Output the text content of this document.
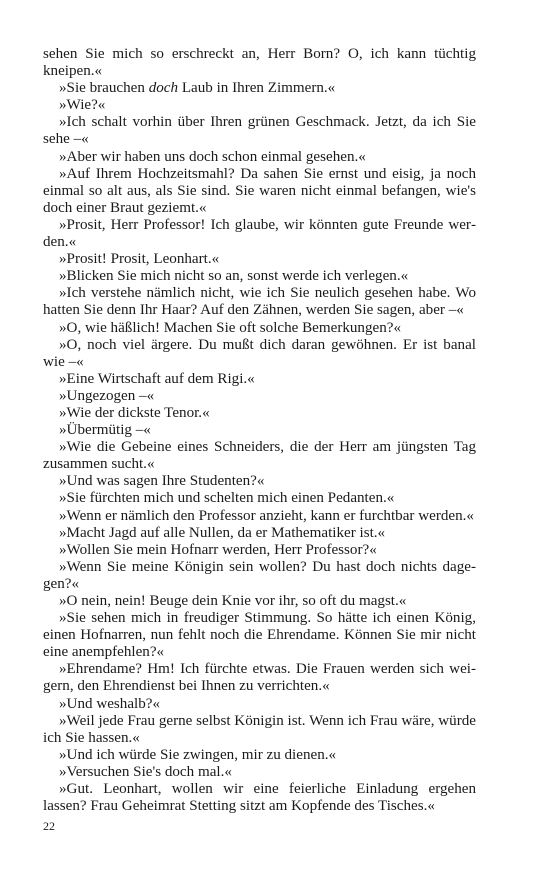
sehen Sie mich so erschreckt an, Herr Born? O, ich kann tüchtig kneipen.«

»Sie brauchen doch Laub in Ihren Zimmern.«

»Wie?«

»Ich schalt vorhin über Ihren grünen Geschmack. Jetzt, da ich Sie sehe –«

»Aber wir haben uns doch schon einmal gesehen.«

»Auf Ihrem Hochzeitsmahl? Da sahen Sie ernst und eisig, ja noch einmal so alt aus, als Sie sind. Sie waren nicht einmal befangen, wie's doch einer Braut geziemt.«

»Prosit, Herr Professor! Ich glaube, wir könnten gute Freunde werden.«

»Prosit! Prosit, Leonhart.«

»Blicken Sie mich nicht so an, sonst werde ich verlegen.«

»Ich verstehe nämlich nicht, wie ich Sie neulich gesehen habe. Wo hatten Sie denn Ihr Haar? Auf den Zähnen, werden Sie sagen, aber –«

»O, wie häßlich! Machen Sie oft solche Bemerkungen?«

»O, noch viel ärgere. Du mußt dich daran gewöhnen. Er ist banal wie –«

»Eine Wirtschaft auf dem Rigi.«

»Ungezogen –«

»Wie der dickste Tenor.«

»Übermütig –«

»Wie die Gebeine eines Schneiders, die der Herr am jüngsten Tag zusammen sucht.«

»Und was sagen Ihre Studenten?«

»Sie fürchten mich und schelten mich einen Pedanten.«

»Wenn er nämlich den Professor anzieht, kann er furchtbar werden.«

»Macht Jagd auf alle Nullen, da er Mathematiker ist.«

»Wollen Sie mein Hofnarr werden, Herr Professor?«

»Wenn Sie meine Königin sein wollen? Du hast doch nichts dagegen?«

»O nein, nein! Beuge dein Knie vor ihr, so oft du magst.«

»Sie sehen mich in freudiger Stimmung. So hätte ich einen König, einen Hofnarren, nun fehlt noch die Ehrendame. Können Sie mir nicht eine anempfehlen?«

»Ehrendame? Hm! Ich fürchte etwas. Die Frauen werden sich weigern, den Ehrendienst bei Ihnen zu verrichten.«

»Und weshalb?«

»Weil jede Frau gerne selbst Königin ist. Wenn ich Frau wäre, würde ich Sie hassen.«

»Und ich würde Sie zwingen, mir zu dienen.«

»Versuchen Sie's doch mal.«

»Gut. Leonhart, wollen wir eine feierliche Einladung ergehen lassen? Frau Geheimrat Stetting sitzt am Kopfende des Tisches.«

22
